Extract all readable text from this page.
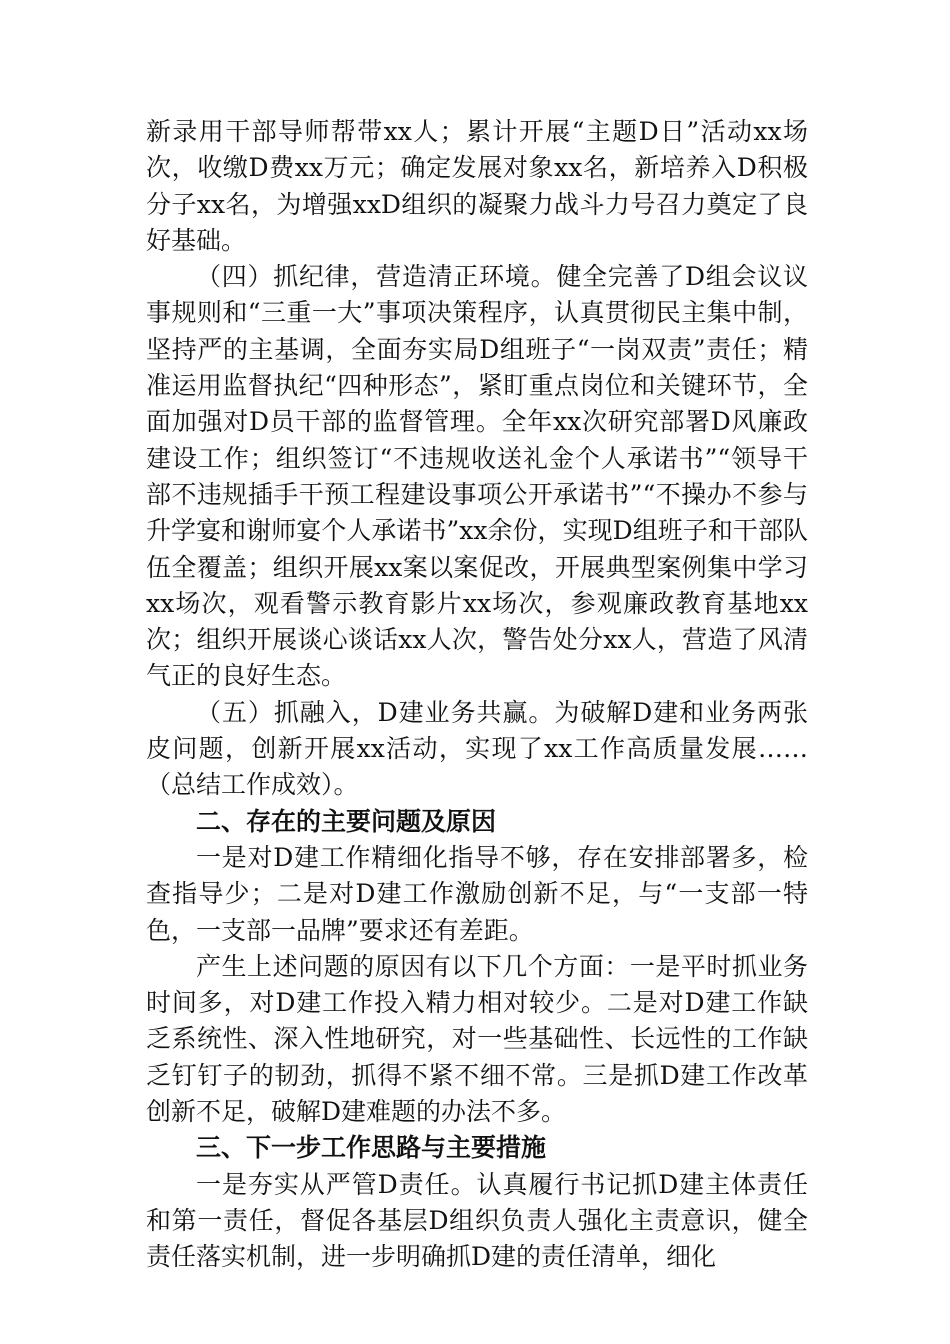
新录用干部导师帮带xx人；累计开展“主题D日”活动xx场次，收缴D费xx万元；确定发展对象xx名，新培养入D积极分子xx名，为增强xxD组织的凝聚力战斗力号召力奠定了良好基础。

（四）抓纪律，营造清正环境。健全完善了D组会议议事规则和“三重一大”事项决策程序，认真贯彻民主集中制，坚持严的主基调，全面夯实局D组班子“一岗双责”责任；精准运用监督执纪“四种形态”，紧盯重点岗位和关键环节，全面加强对D员干部的监督管理。全年xx次研究部署D风廉政建设工作；组织签订“不违规收送礼金个人承诺书”“领导干部不违规插手干预工程建设事项公开承诺书”“不操办不参与升学宴和谢师宴个人承诺书”xx余份，实现D组班子和干部队伍全覆盖；组织开展xx案以案促改，开展典型案例集中学习xx场次，观看警示教育影片xx场次，参观廉政教育基地xx次；组织开展谈心谈话xx人次，警告处分xx人，营造了风清气正的良好生态。

（五）抓融入，D建业务共赢。为破解D建和业务两张皮问题，创新开展xx活动，实现了xx工作高质量发展……（总结工作成效）。

二、存在的主要问题及原因

一是对D建工作精细化指导不够，存在安排部署多，检查指导少；二是对D建工作激励创新不足，与“一支部一特色，一支部一品牌”要求还有差距。

产生上述问题的原因有以下几个方面：一是平时抓业务时间多，对D建工作投入精力相对较少。二是对D建工作缺乏系统性、深入性地研究，对一些基础性、长远性的工作缺乏钉钉子的韧劲，抓得不紧不细不常。三是抓D建工作改革创新不足，破解D建难题的办法不多。

三、下一步工作思路与主要措施

一是夯实从严管D责任。认真履行书记抓D建主体责任和第一责任，督促各基层D组织负责人强化主责意识，健全责任落实机制，进一步明确抓D建的责任清单，细化
